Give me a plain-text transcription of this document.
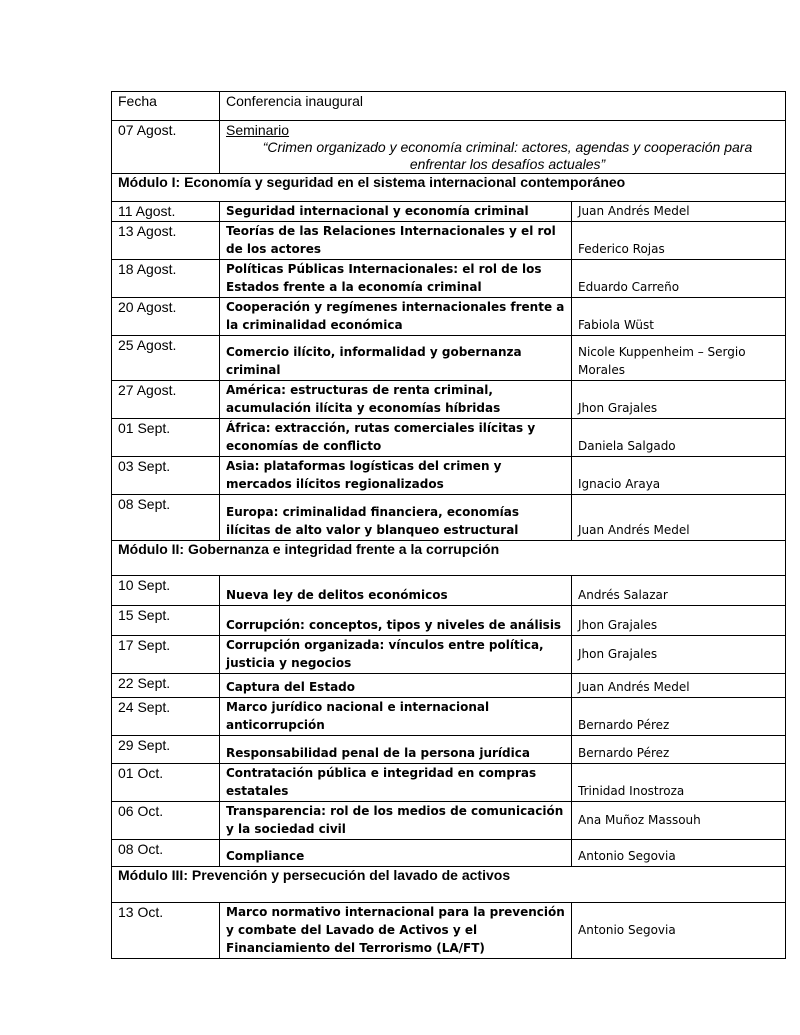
Fecha	Conferencia inaugural	
07 Agost.	Seminario
“Crimen organizado y economía criminal: actores, agendas y cooperación para enfrentar los desafíos actuales”	

Módulo I: Economía y seguridad en el sistema internacional contemporáneo		
11 Agost.	Seguridad internacional y economía criminal	Juan Andrés Medel
13 Agost.	Teorías de las Relaciones Internacionales y el rol de los actores	Federico Rojas
18 Agost.	Políticas Públicas Internacionales: el rol de los Estados frente a la economía criminal	Eduardo Carreño
20 Agost.	Cooperación y regímenes internacionales frente a la criminalidad económica	Fabiola Wüst
25 Agost.	Comercio ilícito, informalidad y gobernanza criminal	Nicole Kuppenheim – Sergio Morales
27 Agost.	América: estructuras de renta criminal, acumulación ilícita y economías híbridas	Jhon Grajales
01 Sept.	África: extracción, rutas comerciales ilícitas y economías de conflicto	Daniela Salgado
03 Sept.	Asia: plataformas logísticas del crimen y mercados ilícitos regionalizados	Ignacio Araya
08 Sept.	Europa: criminalidad financiera, economías ilícitas de alto valor y blanqueo estructural	Juan Andrés Medel
Módulo II: Gobernanza e integridad frente a la corrupción		
10 Sept.	Nueva ley de delitos económicos	Andrés Salazar
15 Sept.	Corrupción: conceptos, tipos y niveles de análisis	Jhon Grajales
17 Sept.	Corrupción organizada: vínculos entre política, justicia y negocios	Jhon Grajales
22 Sept.	Captura del Estado	Juan Andrés Medel
24 Sept.	Marco jurídico nacional e internacional anticorrupción	Bernardo Pérez
29 Sept.	Responsabilidad penal de la persona jurídica	Bernardo Pérez
01 Oct.	Contratación pública e integridad en compras estatales	Trinidad Inostroza
06 Oct.	Transparencia: rol de los medios de comunicación y la sociedad civil	Ana Muñoz Massouh
08 Oct.	Compliance	Antonio Segovia
Módulo III: Prevención y persecución del lavado de activos		
13 Oct.	Marco normativo internacional para la prevención y combate del Lavado de Activos y el Financiamiento del Terrorismo (LA/FT)	Antonio Segovia
